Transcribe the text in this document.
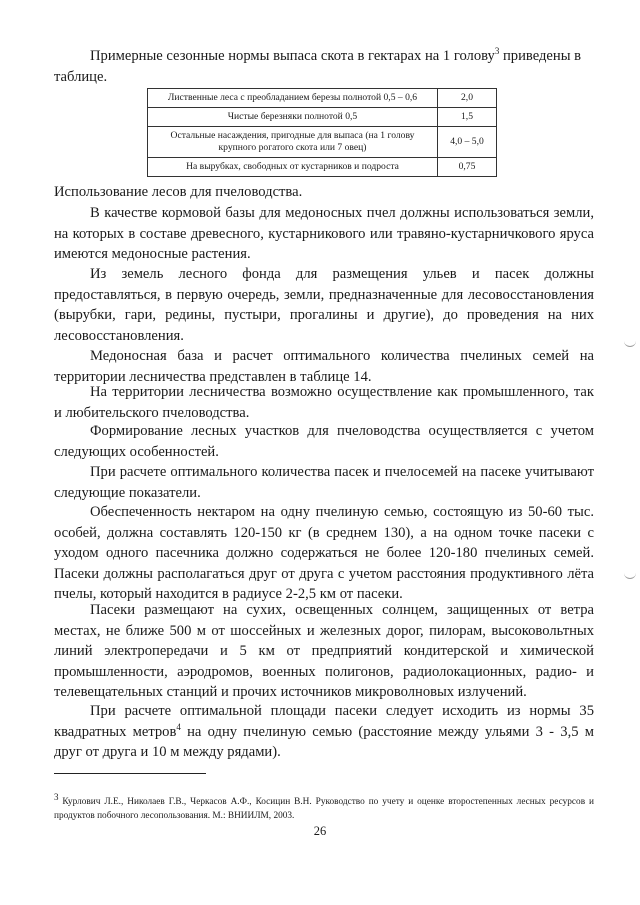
Примерные сезонные нормы выпаса скота в гектарах на 1 голову$^3$ приведены в таблице.

Лиственные леса с преобладанием березы полнотой 0,5 – 0,6	2,0
Чистые березняки полнотой 0,5	1,5
Остальные насаждения, пригодные для выпаса (на 1 голову крупного рогатого скота или 7 овец)	4,0 – 5,0
На вырубках, свободных от кустарников и подроста	0,75

Использование лесов для пчеловодства.

В качестве кормовой базы для медоносных пчел должны использоваться земли, на которых в составе древесного, кустарникового или травяно-кустарничкового яруса имеются медоносные растения.

Из земель лесного фонда для размещения ульев и пасек должны предоставляться, в первую очередь, земли, предназначенные для лесовосстановления (вырубки, гари, редины, пустыри, прогалины и другие), до проведения на них лесовосстановления.

Медоносная база и расчет оптимального количества пчелиных семей на территории лесничества представлен в таблице 14.

На территории лесничества возможно осуществление как промышленного, так и любительского пчеловодства.

Формирование лесных участков для пчеловодства осуществляется с учетом следующих особенностей.

При расчете оптимального количества пасек и пчелосемей на пасеке учитывают следующие показатели.

Обеспеченность нектаром на одну пчелиную семью, состоящую из 50-60 тыс. особей, должна составлять 120-150 кг (в среднем 130), а на одном точке пасеки с уходом одного пасечника должно содержаться не более 120-180 пчелиных семей. Пасеки должны располагаться друг от друга с учетом расстояния продуктивного лёта пчелы, который находится в радиусе 2-2,5 км от пасеки.

Пасеки размещают на сухих, освещенных солнцем, защищенных от ветра местах, не ближе 500 м от шоссейных и железных дорог, пилорам, высоковольтных линий электропередачи и 5 км от предприятий кондитерской и химической промышленности, аэродромов, военных полигонов, радиолокационных, радио- и телевещательных станций и прочих источников микроволновых излучений.

При расчете оптимальной площади пасеки следует исходить из нормы 35 квадратных метров$^4$ на одну пчелиную семью (расстояние между ульями 3 - 3,5 м друг от друга и 10 м между рядами).

$^3$ Курлович Л.Е., Николаев Г.В., Черкасов А.Ф., Косицин В.Н. Руководство по учету и оценке второстепенных лесных ресурсов и продуктов побочного лесопользования. М.: ВНИИЛМ, 2003.

26
